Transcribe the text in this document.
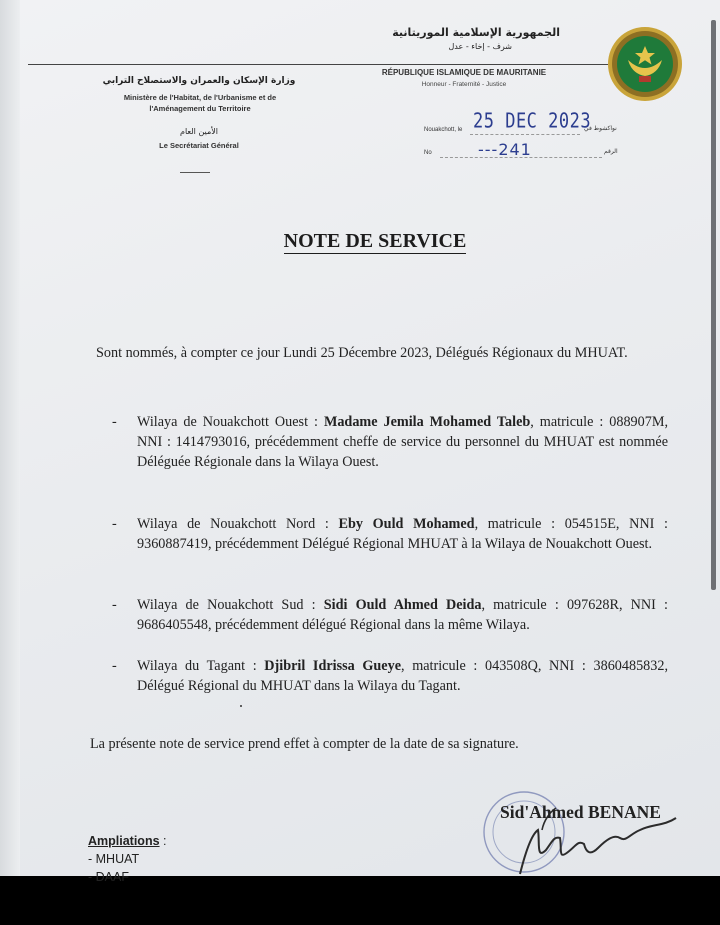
الجمهورية الإسلامية الموريتانية
شرف - إخاء - عدل
وزارة الإسكان والعمران والاستصلاح الترابي
Ministère de l'Habitat, de l'Urbanisme et de
l'Aménagement du Territoire
الأمين العام
Le Secrétariat Général
RÉPUBLIQUE ISLAMIQUE DE MAURITANIE
Honneur - Fraternité - Justice
Nouakchott, le	نواكشوط في
25 DEC 2023
No	الرقم
---241
NOTE DE SERVICE
Sont nommés, à compter ce jour Lundi 25 Décembre 2023, Délégués Régionaux du MHUAT.
- Wilaya de Nouakchott Ouest : Madame Jemila Mohamed Taleb, matricule : 088907M, NNI : 1414793016, précédemment cheffe de service du personnel du MHUAT est nommée Déléguée Régionale dans la Wilaya Ouest.
- Wilaya de Nouakchott Nord : Eby Ould Mohamed, matricule : 054515E, NNI : 9360887419, précédemment Délégué Régional MHUAT à la Wilaya de Nouakchott Ouest.
- Wilaya de Nouakchott Sud : Sidi Ould Ahmed Deida, matricule : 097628R, NNI : 9686405548, précédemment délégué Régional dans la même Wilaya.
- Wilaya du Tagant : Djibril Idrissa Gueye, matricule : 043508Q, NNI : 3860485832, Délégué Régional du MHUAT dans la Wilaya du Tagant.
La présente note de service prend effet à compter de la date de sa signature.
Sid'Ahmed BENANE
Ampliations :
- MHUAT
- DAAF
